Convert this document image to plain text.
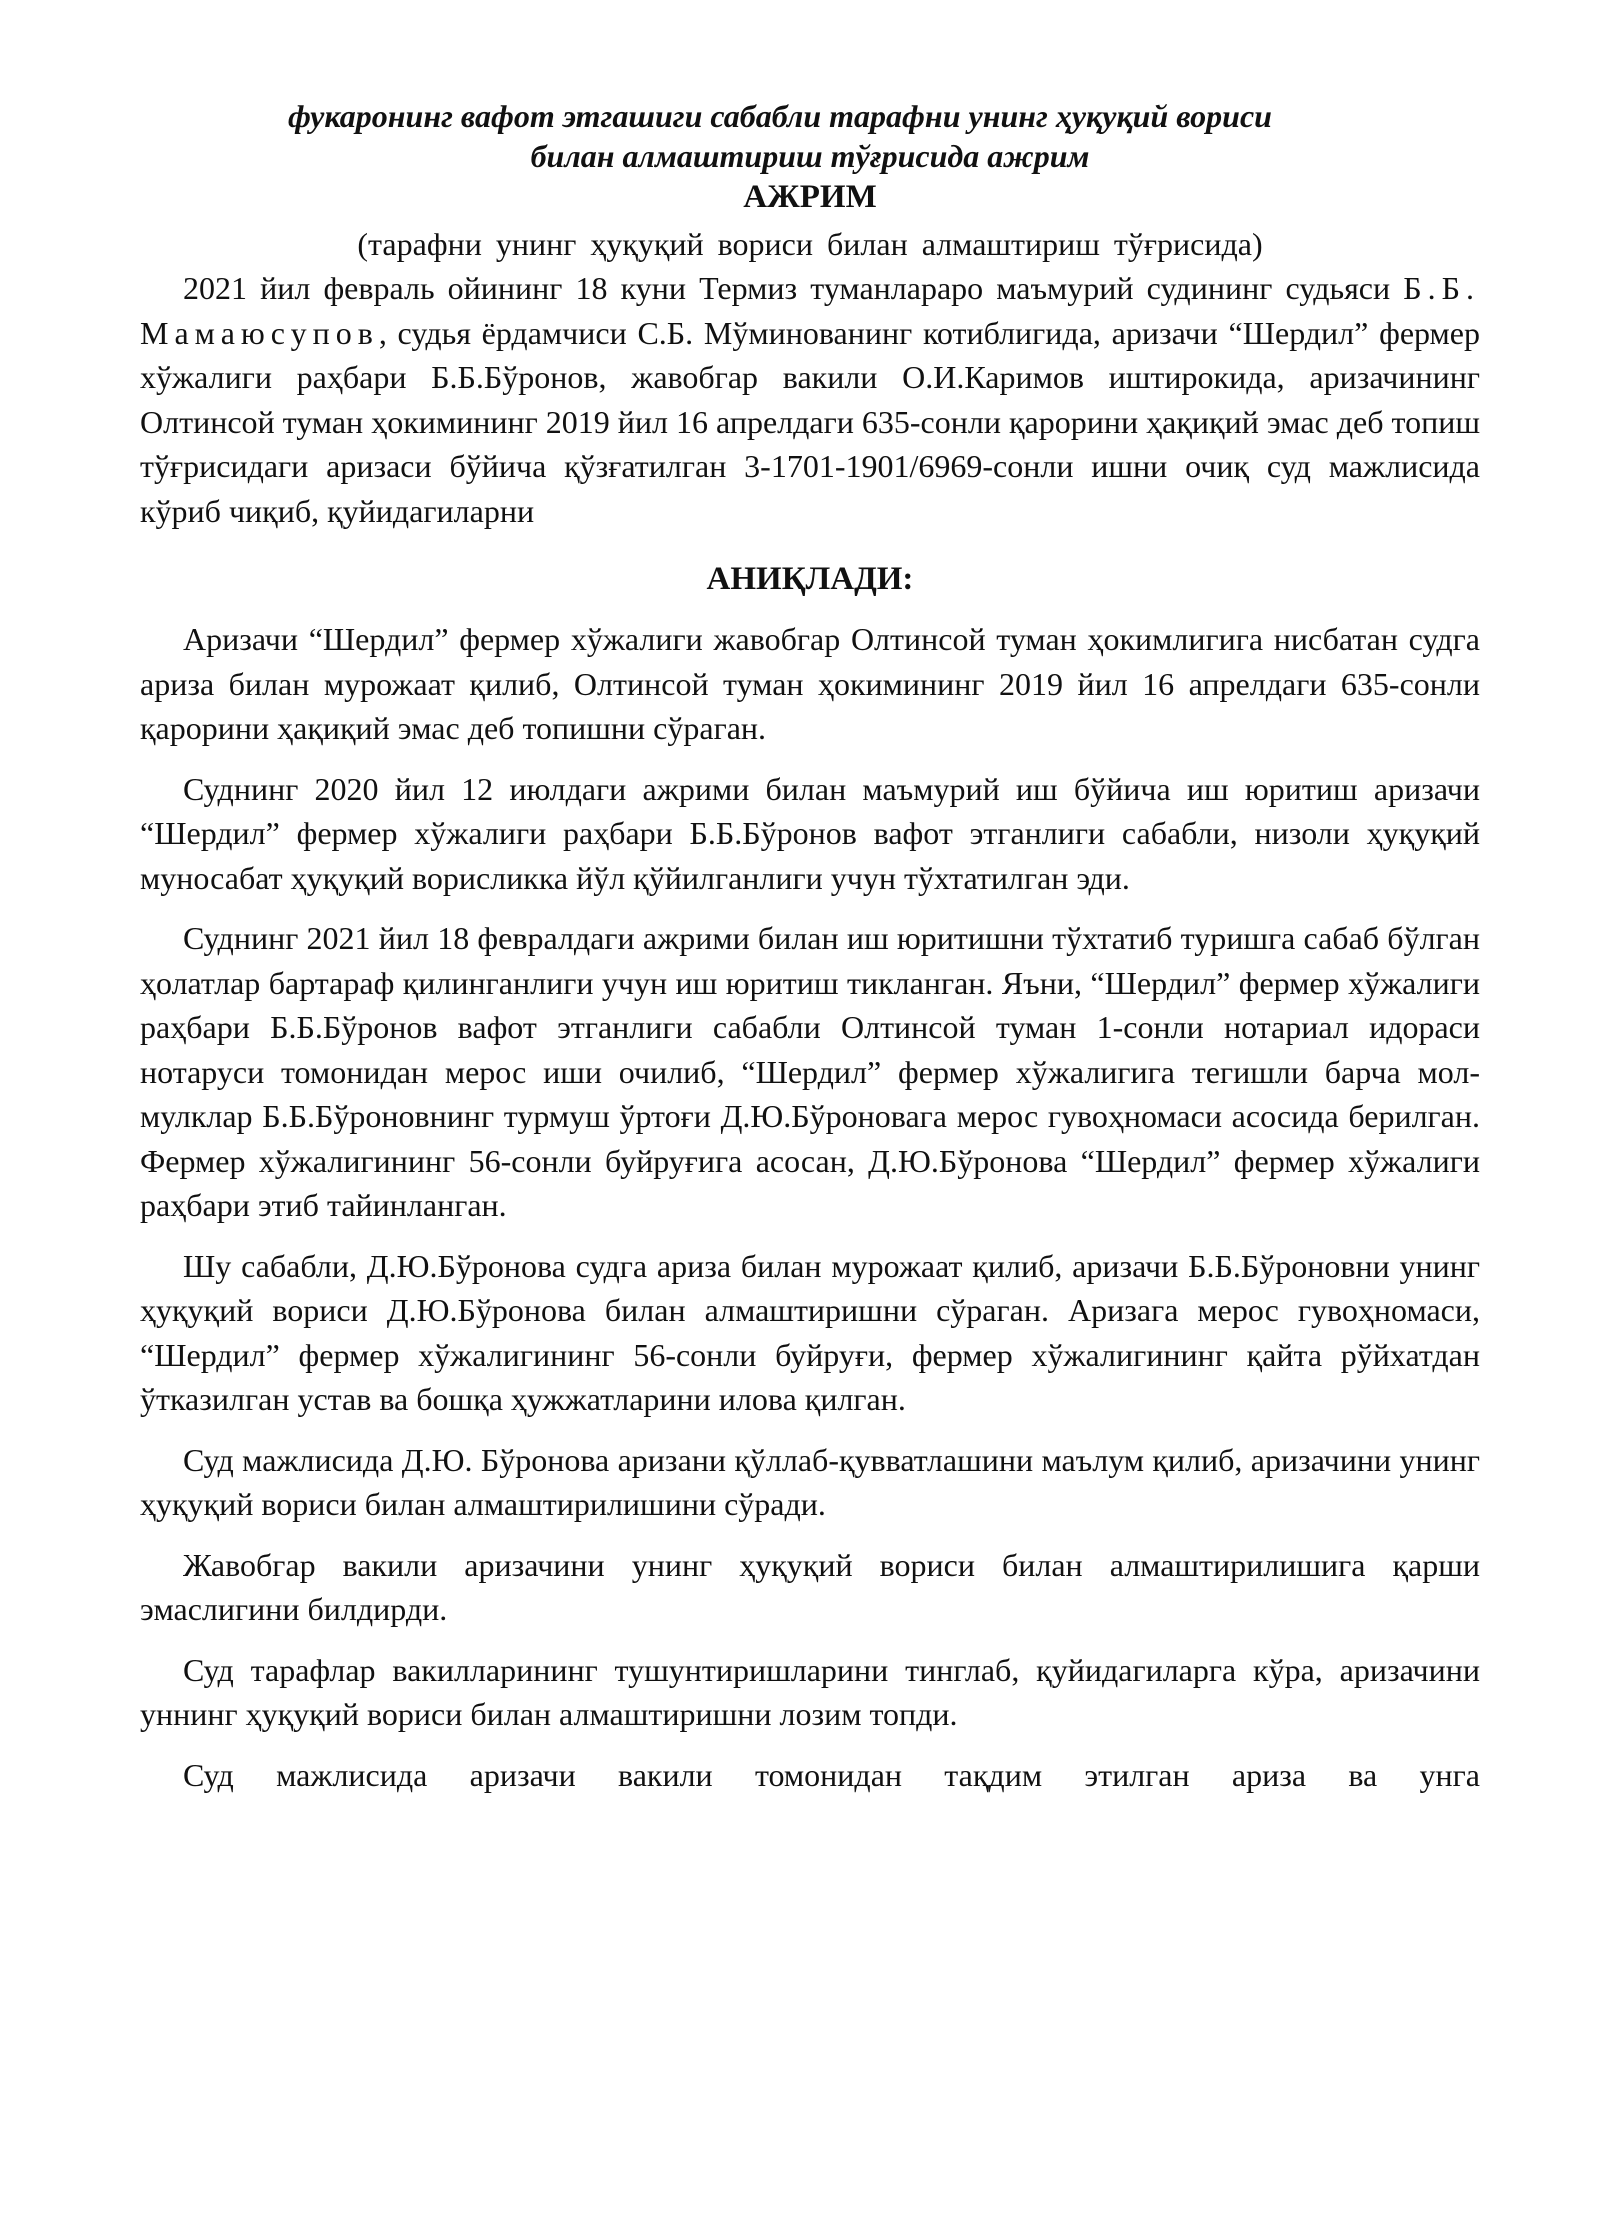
фукаронинг вафот этгашиги сабабли тарафни унинг ҳуқуқий вориси

билан алмаштириш тўғрисида ажрим

АЖРИМ

(тарафни унинг ҳуқуқий вориси билан алмаштириш тўғрисида)

2021 йил февраль ойининг 18 куни Термиз туманлараро маъмурий судининг судьяси Б.Б. Мамаюсупов, судья ёрдамчиси С.Б. Мўминованинг котиблигида, аризачи “Шердил” фермер хўжалиги раҳбари Б.Б.Бўронов, жавобгар вакили О.И.Каримов иштирокида, аризачининг Олтинсой туман ҳокимининг 2019 йил 16 апрелдаги 635-сонли қарорини ҳақиқий эмас деб топиш тўғрисидаги аризаси бўйича қўзғатилган 3-1701-1901/6969-сонли ишни очиқ суд мажлисида кўриб чиқиб, қуйидагиларни

АНИҚЛАДИ:

Аризачи “Шердил” фермер хўжалиги жавобгар Олтинсой туман ҳокимлигига нисбатан судга ариза билан мурожаат қилиб, Олтинсой туман ҳокимининг 2019 йил 16 апрелдаги 635-сонли қарорини ҳақиқий эмас деб топишни сўраган.

Суднинг 2020 йил 12 июлдаги ажрими билан маъмурий иш бўйича иш юритиш аризачи “Шердил” фермер хўжалиги раҳбари Б.Б.Бўронов вафот этганлиги сабабли, низоли ҳуқуқий муносабат ҳуқуқий ворисликка йўл қўйилганлиги учун тўхтатилган эди.

Суднинг 2021 йил 18 февралдаги ажрими билан иш юритишни тўхтатиб туришга сабаб бўлган ҳолатлар бартараф қилинганлиги учун иш юритиш тикланган. Яъни, “Шердил” фермер хўжалиги раҳбари Б.Б.Бўронов вафот этганлиги сабабли Олтинсой туман 1-сонли нотариал идораси нотаруси томонидан мерос иши очилиб, “Шердил” фермер хўжалигига тегишли барча мол-мулклар Б.Б.Бўроновнинг турмуш ўртоғи Д.Ю.Бўроновага мерос гувоҳномаси асосида берилган. Фермер хўжалигининг 56-сонли буйруғига асосан, Д.Ю.Бўронова “Шердил” фермер хўжалиги раҳбари этиб тайинланган.

Шу сабабли, Д.Ю.Бўронова судга ариза билан мурожаат қилиб, аризачи Б.Б.Бўроновни унинг ҳуқуқий вориси Д.Ю.Бўронова билан алмаштиришни сўраган. Аризага мерос гувоҳномаси, “Шердил” фермер хўжалигининг 56-сонли буйруғи, фермер хўжалигининг қайта рўйхатдан ўтказилган устав ва бошқа ҳужжатларини илова қилган.

Суд мажлисида Д.Ю. Бўронова аризани қўллаб-қувватлашини маълум қилиб, аризачини унинг ҳуқуқий вориси билан алмаштирилишини сўради.

Жавобгар вакили аризачини унинг ҳуқуқий вориси билан алмаштирилишига қарши эмаслигини билдирди.

Суд тарафлар вакилларининг тушунтиришларини тинглаб, қуйидагиларга кўра, аризачини уннинг ҳуқуқий вориси билан алмаштиришни лозим топди.

Суд мажлисида аризачи вакили томонидан тақдим этилган ариза ва унга
